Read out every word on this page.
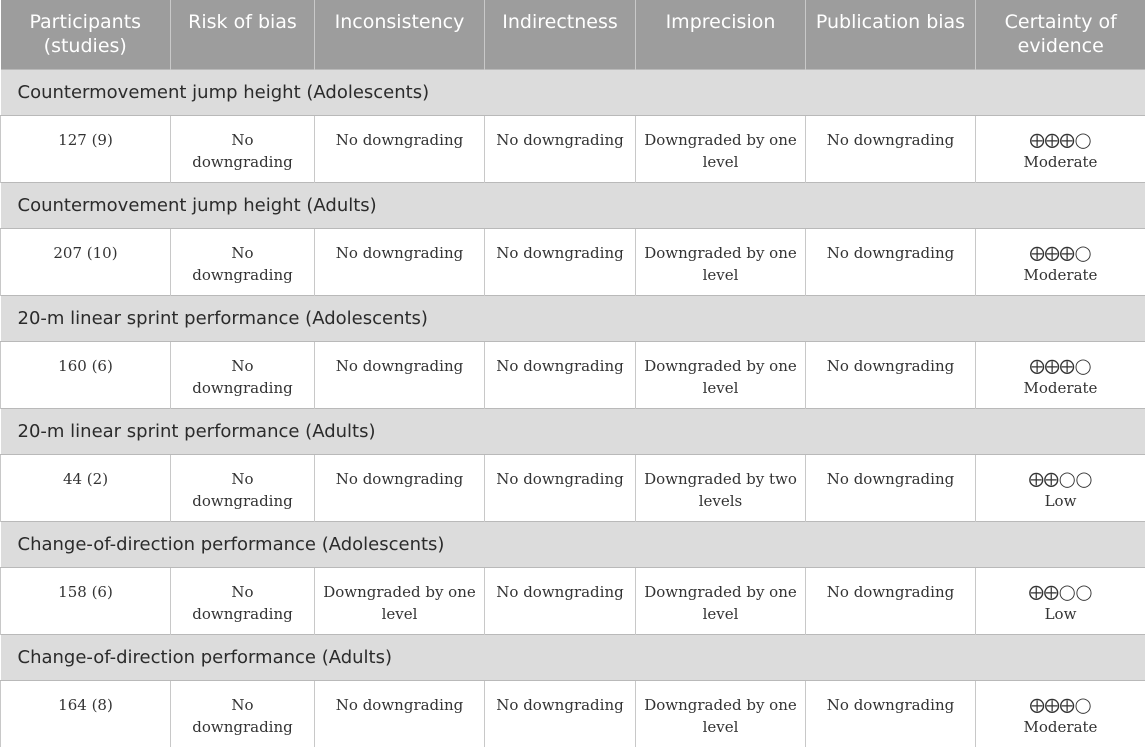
Participants (studies)	Risk of bias	Inconsistency	Indirectness	Imprecision	Publication bias	Certainty of evidence
Countermovement jump height (Adolescents)						
127 (9)	No downgrading	No downgrading	No downgrading	Downgraded by one level	No downgrading	⨁⨁⨁◯
Moderate

Countermovement jump height (Adults)						
207 (10)	No downgrading	No downgrading	No downgrading	Downgraded by one level	No downgrading	⨁⨁⨁◯
Moderate

20-m linear sprint performance (Adolescents)						
160 (6)	No downgrading	No downgrading	No downgrading	Downgraded by one level	No downgrading	⨁⨁⨁◯
Moderate

20-m linear sprint performance (Adults)						
44 (2)	No downgrading	No downgrading	No downgrading	Downgraded by two levels	No downgrading	⨁⨁◯◯
Low

Change-of-direction performance (Adolescents)						
158 (6)	No downgrading	Downgraded by one level	No downgrading	Downgraded by one level	No downgrading	⨁⨁◯◯
Low

Change-of-direction performance (Adults)						
164 (8)	No downgrading	No downgrading	No downgrading	Downgraded by one level	No downgrading	⨁⨁⨁◯
Moderate
